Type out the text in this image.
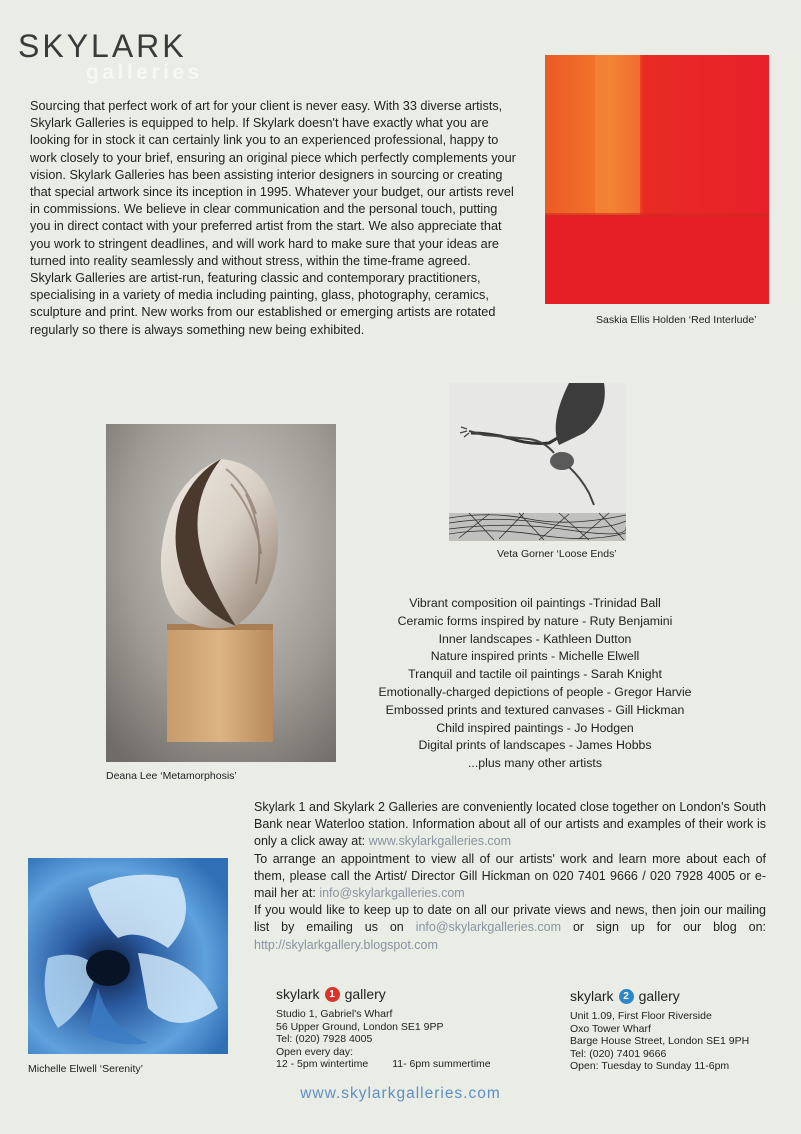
SKYLARK
galleries

Sourcing that perfect work of art for your client is never easy. With 33 diverse artists, Skylark Galleries is equipped to help. If Skylark doesn't have exactly what you are looking for in stock it can certainly link you to an experienced professional, happy to work closely to your brief, ensuring an original piece which perfectly complements your vision. Skylark Galleries has been assisting interior designers in sourcing or creating that special artwork since its inception in 1995. Whatever your budget, our artists revel in commissions. We believe in clear communication and the personal touch, putting you in direct contact with your preferred artist from the start. We also appreciate that you work to stringent deadlines, and will work hard to make sure that your ideas are turned into reality seamlessly and without stress, within the time-frame agreed.

Skylark Galleries are artist-run, featuring classic and contemporary practitioners, specialising in a variety of media including painting, glass, photography, ceramics, sculpture and print. New works from our established or emerging artists are rotated regularly so there is always something new being exhibited.

Saskia Ellis Holden ‘Red Interlude’
Veta Gorner ‘Loose Ends’
Deana Lee ‘Metamorphosis’
Vibrant composition oil paintings -Trinidad Ball
Ceramic forms inspired by nature - Ruty Benjamini
Inner landscapes - Kathleen Dutton
Nature inspired prints - Michelle Elwell
Tranquil and tactile oil paintings - Sarah Knight
Emotionally-charged depictions of people - Gregor Harvie
Embossed prints and textured canvases - Gill Hickman
Child inspired paintings - Jo Hodgen
Digital prints of landscapes - James Hobbs
...plus many other artists

Skylark 1 and Skylark 2 Galleries are conveniently located close together on London's South Bank near Waterloo station. Information about all of our artists and examples of their work is only a click away at: www.skylarkgalleries.com

To arrange an appointment to view all of our artists' work and learn more about each of them, please call the Artist/ Director Gill Hickman on 020 7401 9666 / 020 7928 4005 or e-mail her at: info@skylarkgalleries.com

If you would like to keep up to date on all our private views and news, then join our mailing list by emailing us on info@skylarkgalleries.com or sign up for our blog on: http://skylarkgallery.blogspot.com

Michelle Elwell ‘Serenity’
skylark 1 gallery
Studio 1, Gabriel's Wharf
56 Upper Ground, London SE1 9PP
Tel: (020) 7928 4005
Open every day:
12 - 5pm wintertime 11- 6pm summertime
skylark 2 gallery
Unit 1.09, First Floor Riverside
Oxo Tower Wharf
Barge House Street, London SE1 9PH
Tel: (020) 7401 9666
Open: Tuesday to Sunday 11-6pm
www.skylarkgalleries.com
